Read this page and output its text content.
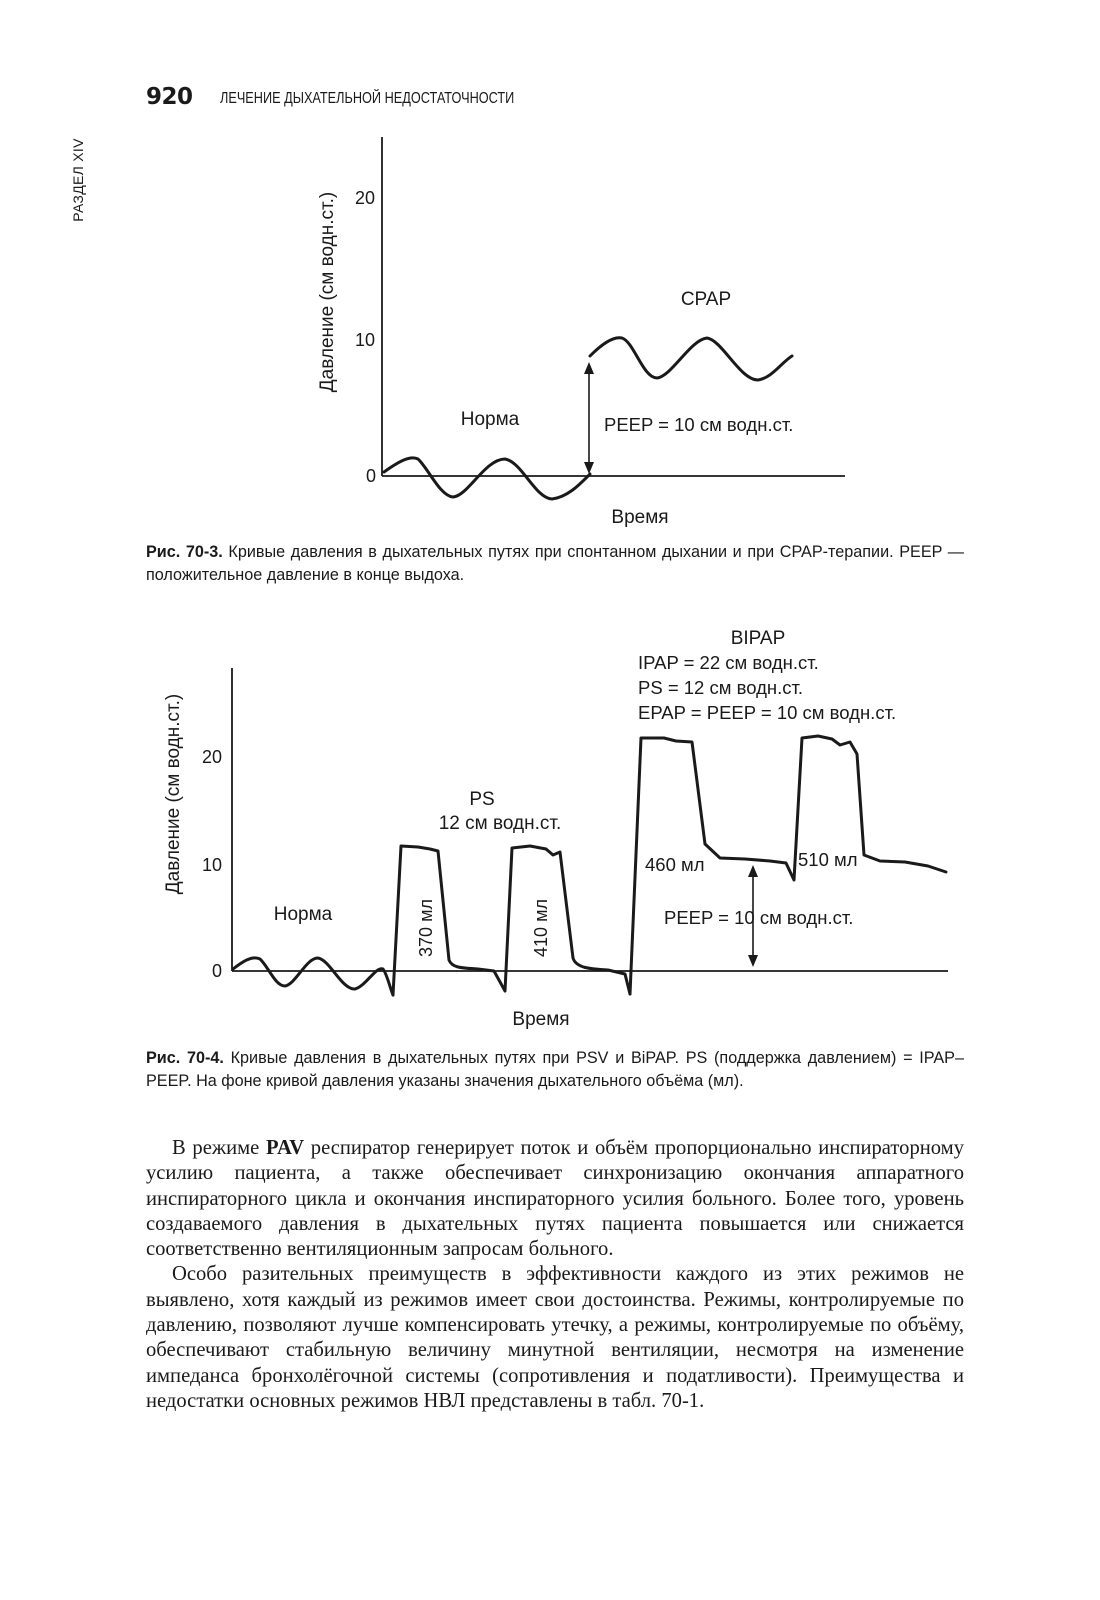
920 ЛЕЧЕНИЕ ДЫХАТЕЛЬНОЙ НЕДОСТАТОЧНОСТИ
РАЗДЕЛ XIV
Давление (см водн.ст.) 20
10
0
Время
CPAP
Норма	PEEP = 10 см водн.ст.
Рис. 70-3. Кривые давления в дыхательных путях при спонтанном дыхании и при CPAP-терапии. PEEP — положительное давление в конце выдоха.
Давление (см водн.ст.) 20
10
0
Время
Норма
PS
12 см водн.ст.
BIPAP
IPAP = 22 см водн.ст.
PS = 12 см водн.ст.
EPAP = PEEP = 10 см водн.ст.
PEEP = 10 см водн.ст.
370 мл	410 мл
460 мл	510 мл
Рис. 70-4. Кривые давления в дыхательных путях при PSV и BiPAP. PS (поддержка давлением) = IPAP–PEEP. На фоне кривой давления указаны значения дыхательного объёма (мл).

В режиме PAV респиратор генерирует поток и объём пропорционально инспираторному усилию пациента, а также обеспечивает синхронизацию окончания аппаратного инспираторного цикла и окончания инспираторного усилия больного. Более того, уровень создаваемого давления в дыхательных путях пациента повышается или снижается соответственно вентиляционным запросам больного.

Особо разительных преимуществ в эффективности каждого из этих режимов не выявлено, хотя каждый из режимов имеет свои достоинства. Режимы, контролируемые по давлению, позволяют лучше компенсировать утечку, а режимы, контролируемые по объёму, обеспечивают стабильную величину минутной вентиляции, несмотря на изменение импеданса бронхолёгочной системы (сопротивления и податливости). Преимущества и недостатки основных режимов НВЛ представлены в табл. 70-1.
